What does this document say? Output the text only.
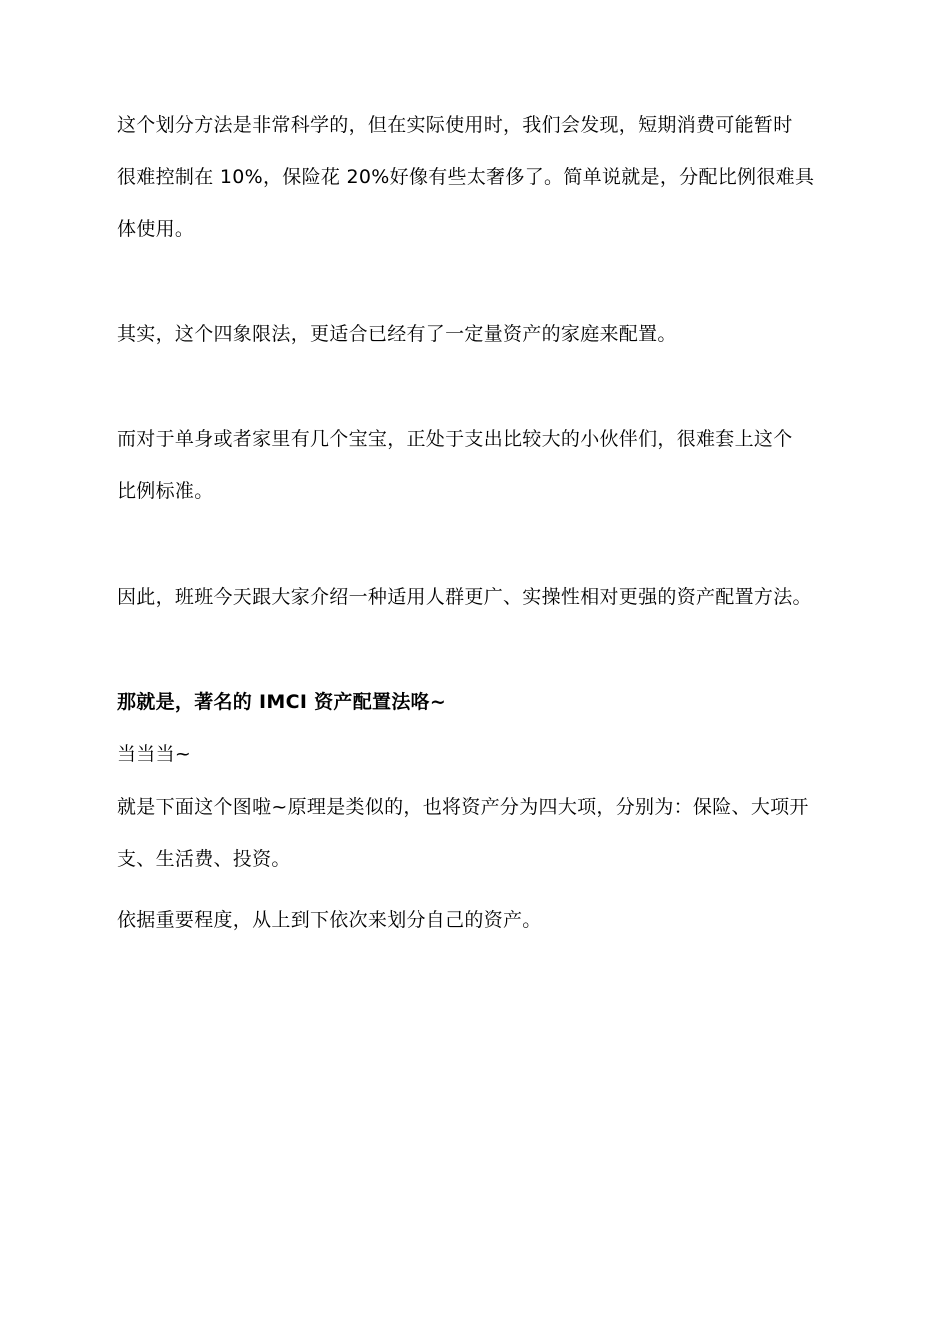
这个划分方法是非常科学的，但在实际使用时，我们会发现，短期消费可能暂时
很难控制在 10%，保险花 20%好像有些太奢侈了。简单说就是，分配比例很难具
体使用。
其实，这个四象限法，更适合已经有了一定量资产的家庭来配置。
而对于单身或者家里有几个宝宝，正处于支出比较大的小伙伴们，很难套上这个
比例标准。
因此，班班今天跟大家介绍一种适用人群更广、实操性相对更强的资产配置方法。
那就是，著名的 IMCI 资产配置法咯~
当当当~
就是下面这个图啦~原理是类似的，也将资产分为四大项，分别为：保险、大项开
支、生活费、投资。
依据重要程度，从上到下依次来划分自己的资产。
